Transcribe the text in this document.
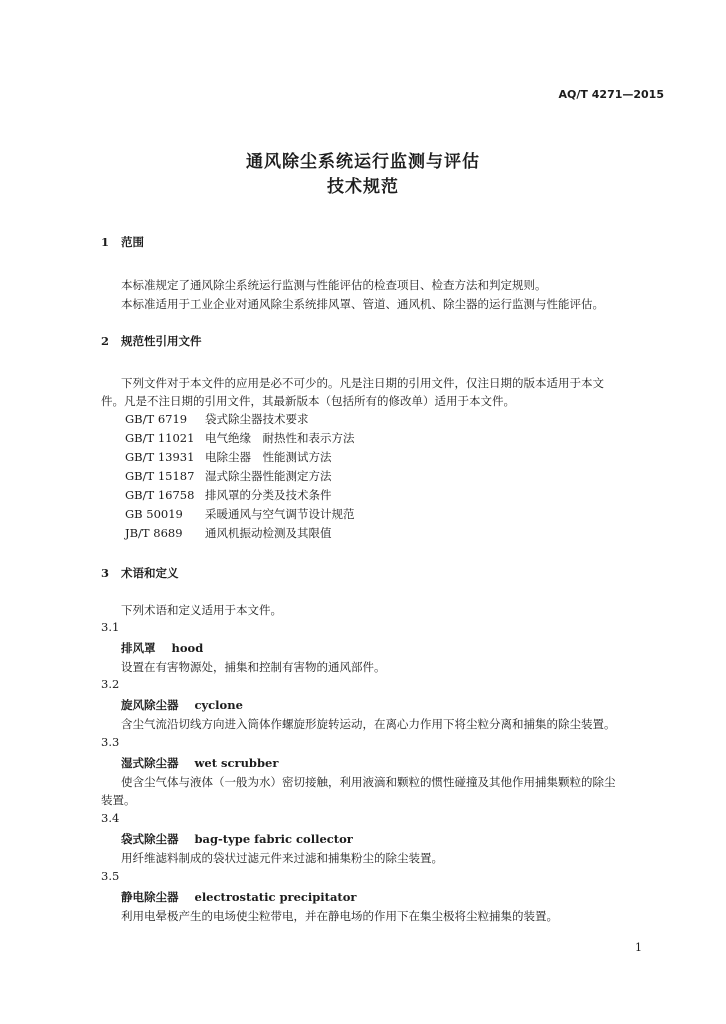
AQ/T 4271—2015
通风除尘系统运行监测与评估
技术规范
1 范围
本标准规定了通风除尘系统运行监测与性能评估的检查项目、检查方法和判定规则。
本标准适用于工业企业对通风除尘系统排风罩、管道、通风机、除尘器的运行监测与性能评估。
2 规范性引用文件
下列文件对于本文件的应用是必不可少的。凡是注日期的引用文件，仅注日期的版本适用于本文
件。凡是不注日期的引用文件，其最新版本（包括所有的修改单）适用于本文件。
GB/T 6719 袋式除尘器技术要求
GB/T 11021 电气绝缘　耐热性和表示方法
GB/T 13931 电除尘器　性能测试方法
GB/T 15187 湿式除尘器性能测定方法
GB/T 16758 排风罩的分类及技术条件
GB 50019 采暖通风与空气调节设计规范
JB/T 8689 通风机振动检测及其限值
3 术语和定义
下列术语和定义适用于本文件。
3.1
排风罩 hood
设置在有害物源处，捕集和控制有害物的通风部件。
3.2
旋风除尘器 cyclone
含尘气流沿切线方向进入筒体作螺旋形旋转运动，在离心力作用下将尘粒分离和捕集的除尘装置。
3.3
湿式除尘器 wet scrubber
使含尘气体与液体（一般为水）密切接触，利用液滴和颗粒的惯性碰撞及其他作用捕集颗粒的除尘
装置。
3.4
袋式除尘器 bag-type fabric collector
用纤维滤料制成的袋状过滤元件来过滤和捕集粉尘的除尘装置。
3.5
静电除尘器 electrostatic precipitator
利用电晕极产生的电场使尘粒带电，并在静电场的作用下在集尘极将尘粒捕集的装置。
1
